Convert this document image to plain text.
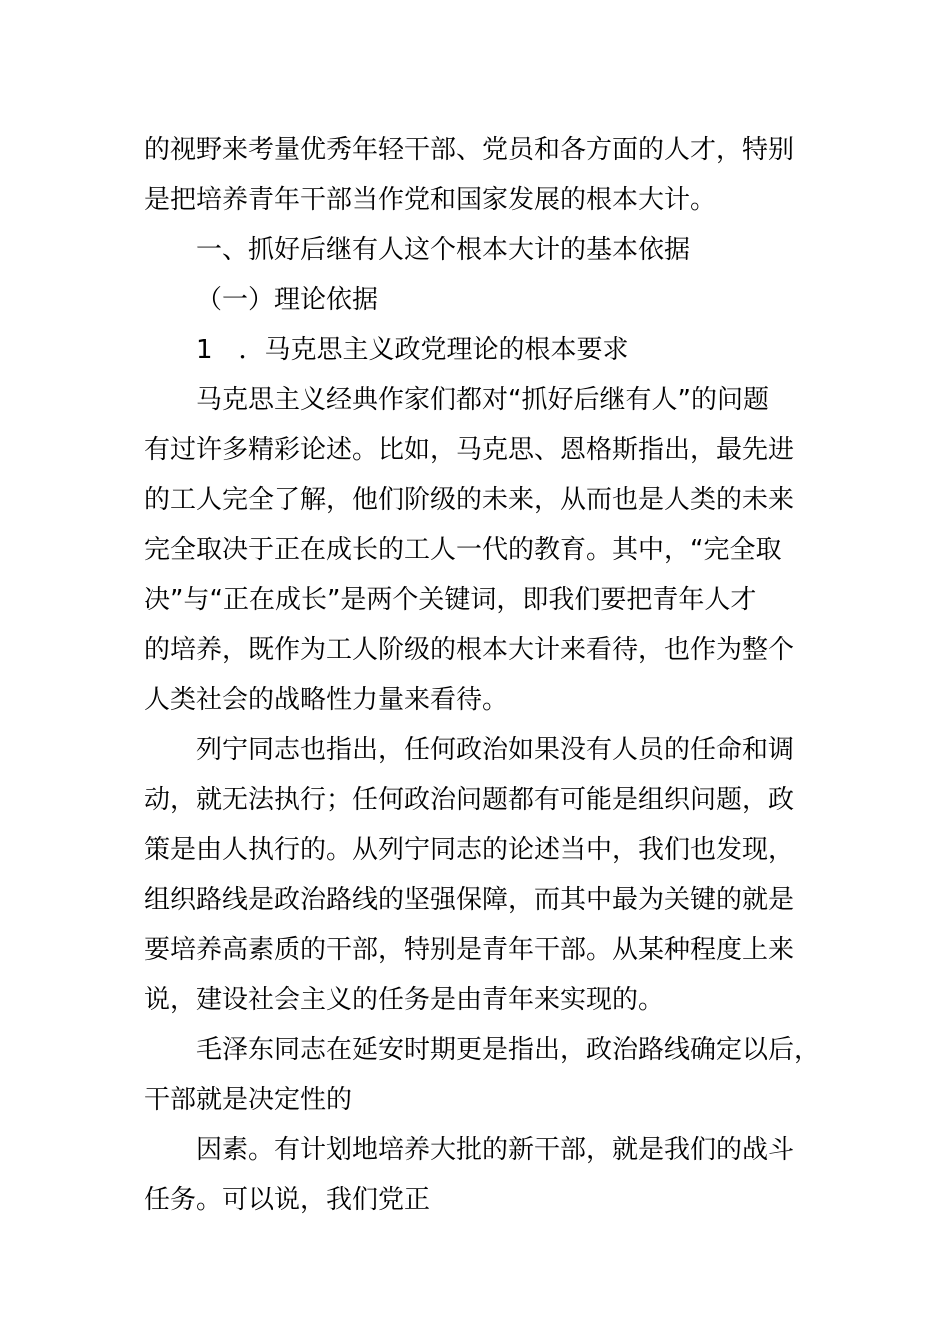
的视野来考量优秀年轻干部、党员和各方面的人才，特别
是把培养青年干部当作党和国家发展的根本大计。
一、抓好后继有人这个根本大计的基本依据
（一）理论依据
1　．马克思主义政党理论的根本要求
马克思主义经典作家们都对“抓好后继有人”的问题
有过许多精彩论述。比如，马克思、恩格斯指出，最先进
的工人完全了解，他们阶级的未来，从而也是人类的未来
完全取决于正在成长的工人一代的教育。其中，“完全取
决”与“正在成长”是两个关键词，即我们要把青年人才
的培养，既作为工人阶级的根本大计来看待，也作为整个
人类社会的战略性力量来看待。
列宁同志也指出，任何政治如果没有人员的任命和调
动，就无法执行；任何政治问题都有可能是组织问题，政
策是由人执行的。从列宁同志的论述当中，我们也发现，
组织路线是政治路线的坚强保障，而其中最为关键的就是
要培养高素质的干部，特别是青年干部。从某种程度上来
说，建设社会主义的任务是由青年来实现的。
毛泽东同志在延安时期更是指出，政治路线确定以后，
干部就是决定性的
因素。有计划地培养大批的新干部，就是我们的战斗
任务。可以说，我们党正
